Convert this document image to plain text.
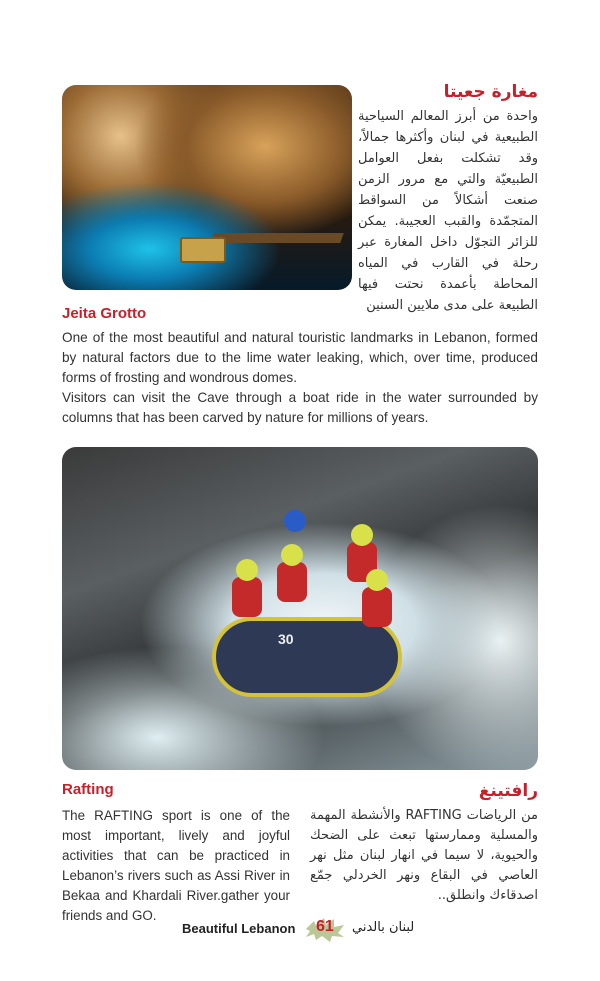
مغارة جعيتا
واحدة من أبرز المعالم السياحية الطبيعية في لبنان وأكثرها جمالاً، وقد تشكلت بفعل العوامل الطبيعيّة والتي مع مرور الزمن صنعت أشكالاً من السواقط المتجمّدة والقبب العجيبة. يمكن للزائر التجوّل داخل المغارة عبر رحلة في القارب في المياه المحاطة بأعمدة نحتت فيها الطبيعة على مدى ملايين السنين
Jeita Grotto

One of the most beautiful and natural touristic landmarks in Lebanon, formed by natural factors due to the lime water leaking, which, over time, produced forms of frosting and wondrous domes.

Visitors can visit the Cave through a boat ride in the water surrounded by columns that has been carved by nature for millions of years.

30
Rafting
The RAFTING sport is one of the most important, lively and joyful activities that can be practiced in Lebanon’s rivers such as Assi River in Bekaa and Khardali River.gather your friends and GO.
رافتينغ
من الرياضات RAFTING والأنشطة المهمة والمسلية وممارستها تبعث على الضحك والحيوية، لا سيما في انهار لبنان مثل نهر العاصي في البقاع ونهر الخردلي جمّع اصدقاءك وانطلق..
Beautiful Lebanon 61 لبنان بالدني
